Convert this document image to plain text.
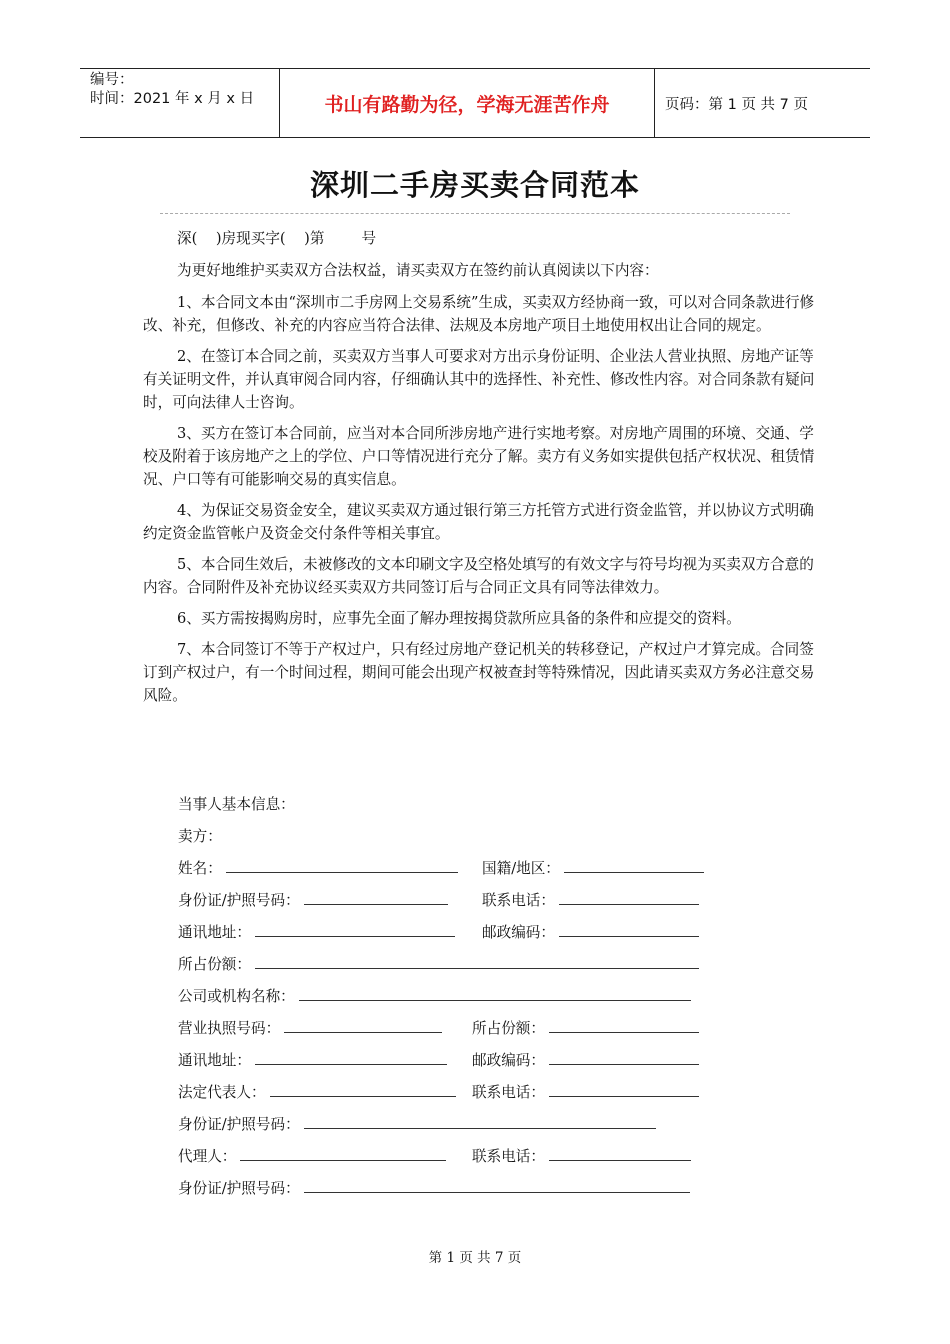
编号：
时间：2021 年 x 月 x 日	书山有路勤为径，学海无涯苦作舟	页码：第 1 页 共 7 页
深圳二手房买卖合同范本
深(    )房现买字(    )第        号
为更好地维护买卖双方合法权益，请买卖双方在签约前认真阅读以下内容：
1、本合同文本由“深圳市二手房网上交易系统”生成，买卖双方经协商一致，可以对合同条款进行修改、补充，但修改、补充的内容应当符合法律、法规及本房地产项目土地使用权出让合同的规定。
2、在签订本合同之前，买卖双方当事人可要求对方出示身份证明、企业法人营业执照、房地产证等有关证明文件，并认真审阅合同内容，仔细确认其中的选择性、补充性、修改性内容。对合同条款有疑问时，可向法律人士咨询。
3、买方在签订本合同前，应当对本合同所涉房地产进行实地考察。对房地产周围的环境、交通、学校及附着于该房地产之上的学位、户口等情况进行充分了解。卖方有义务如实提供包括产权状况、租赁情况、户口等有可能影响交易的真实信息。
4、为保证交易资金安全，建议买卖双方通过银行第三方托管方式进行资金监管，并以协议方式明确约定资金监管帐户及资金交付条件等相关事宜。
5、本合同生效后，未被修改的文本印刷文字及空格处填写的有效文字与符号均视为买卖双方合意的内容。合同附件及补充协议经买卖双方共同签订后与合同正文具有同等法律效力。
6、买方需按揭购房时，应事先全面了解办理按揭贷款所应具备的条件和应提交的资料。
7、本合同签订不等于产权过户，只有经过房地产登记机关的转移登记，产权过户才算完成。合同签订到产权过户，有一个时间过程，期间可能会出现产权被查封等特殊情况，因此请买卖双方务必注意交易风险。
当事人基本信息：
卖方：
姓名：	国籍/地区：
身份证/护照号码：	联系电话：
通讯地址：	邮政编码：
所占份额：
公司或机构名称：
营业执照号码：	所占份额：
通讯地址：	邮政编码：
法定代表人：	联系电话：
身份证/护照号码：
代理人：	联系电话：
身份证/护照号码：
第 1 页 共 7 页
